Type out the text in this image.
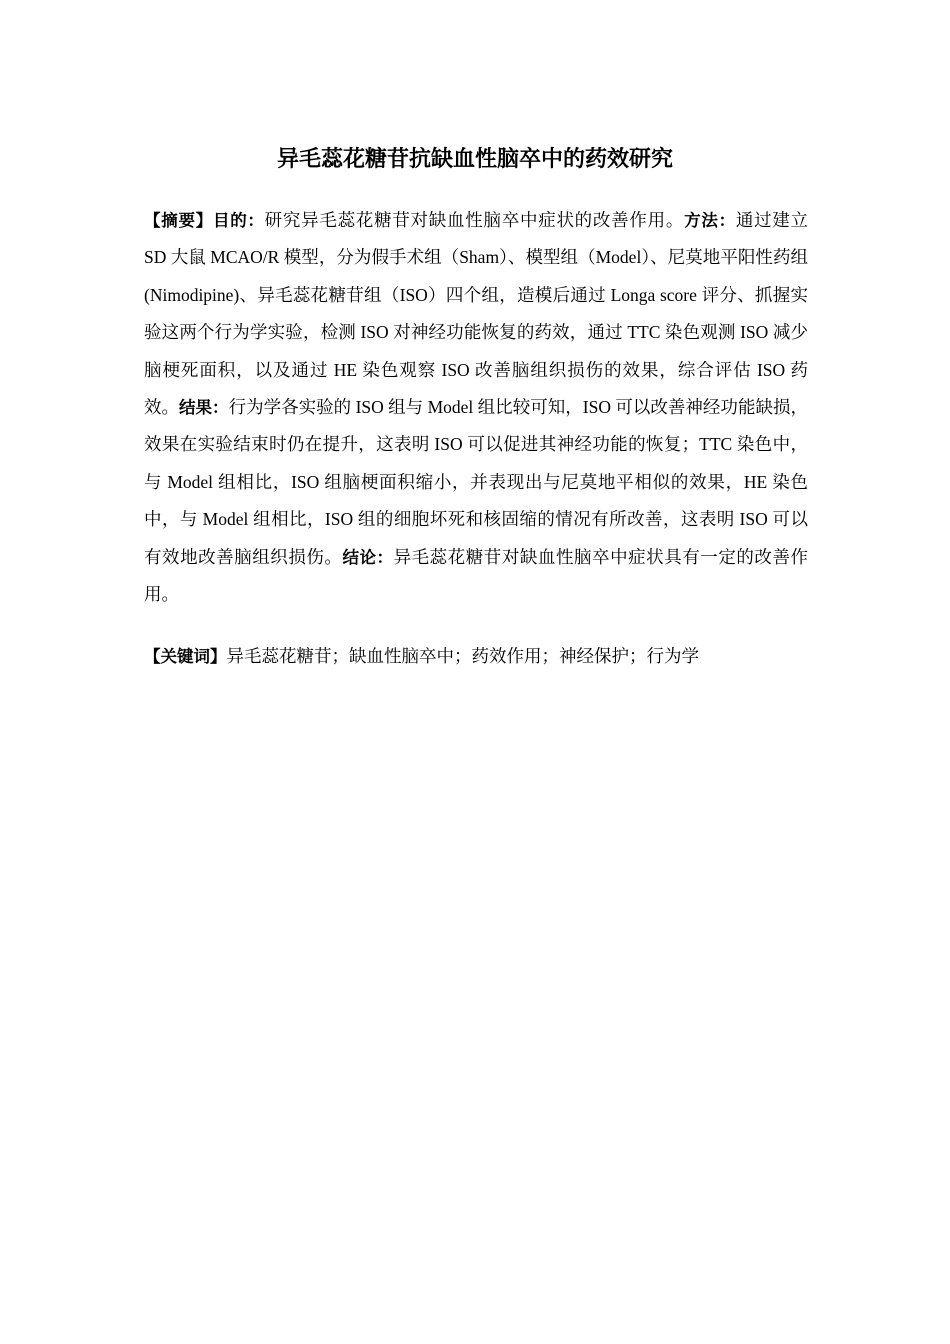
异毛蕊花糖苷抗缺血性脑卒中的药效研究

【摘要】目的：研究异毛蕊花糖苷对缺血性脑卒中症状的改善作用。方法：通过建立 SD 大鼠 MCAO/R 模型，分为假手术组（Sham）、模型组（Model）、尼莫地平阳性药组(Nimodipine)、异毛蕊花糖苷组（ISO）四个组，造模后通过 Longa score 评分、抓握实验这两个行为学实验，检测 ISO 对神经功能恢复的药效，通过 TTC 染色观测 ISO 减少脑梗死面积，以及通过 HE 染色观察 ISO 改善脑组织损伤的效果，综合评估 ISO 药效。结果：行为学各实验的 ISO 组与 Model 组比较可知，ISO 可以改善神经功能缺损，效果在实验结束时仍在提升，这表明 ISO 可以促进其神经功能的恢复；TTC 染色中，与 Model 组相比，ISO 组脑梗面积缩小，并表现出与尼莫地平相似的效果，HE 染色中，与 Model 组相比，ISO 组的细胞坏死和核固缩的情况有所改善，这表明 ISO 可以有效地改善脑组织损伤。结论：异毛蕊花糖苷对缺血性脑卒中症状具有一定的改善作用。

【关键词】异毛蕊花糖苷；缺血性脑卒中；药效作用；神经保护；行为学
